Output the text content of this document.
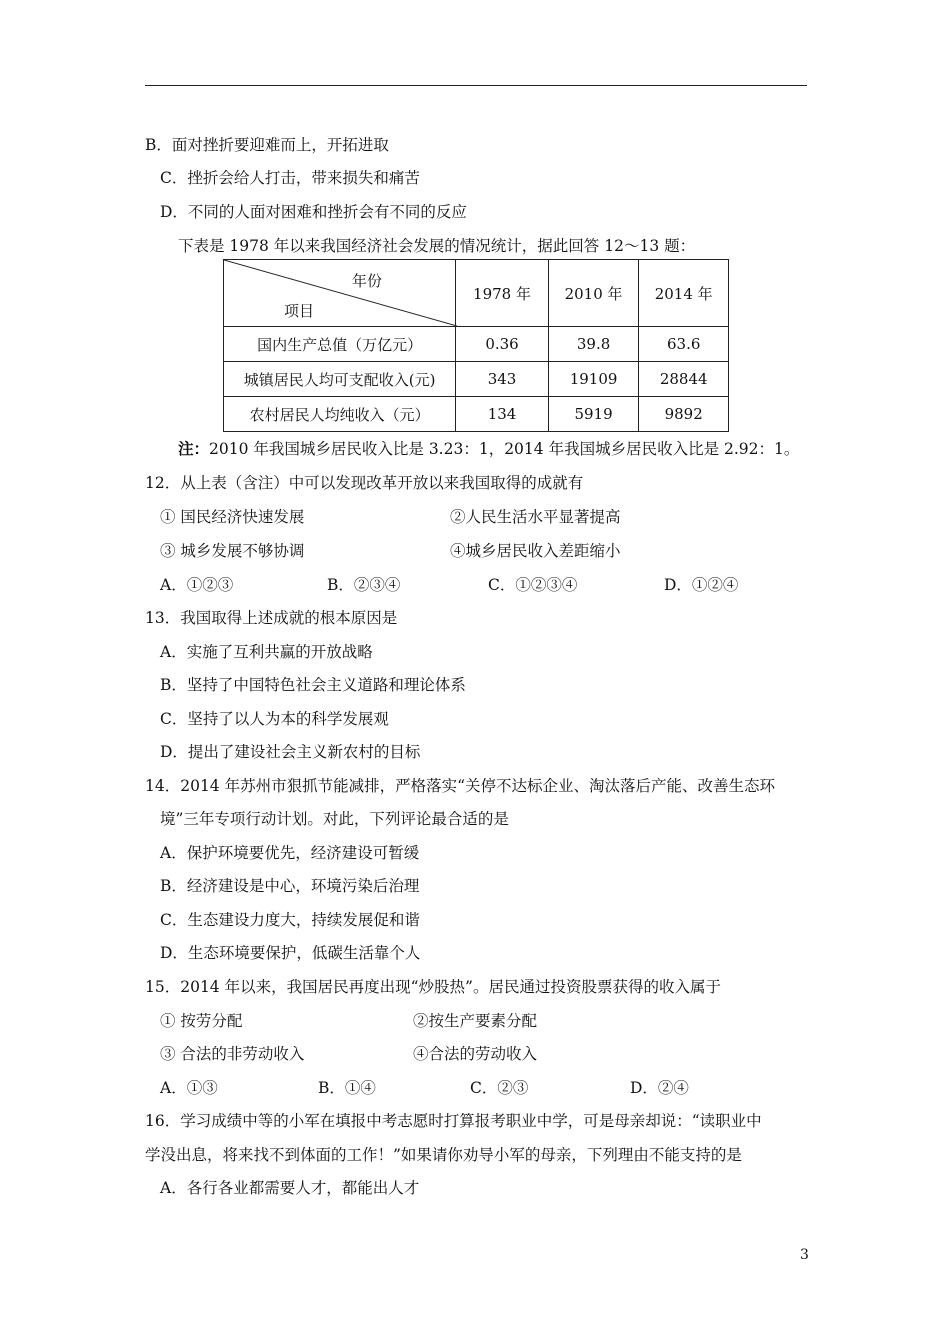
B．面对挫折要迎难而上，开拓进取
C．挫折会给人打击，带来损失和痛苦
D．不同的人面对困难和挫折会有不同的反应
下表是 1978 年以来我国经济社会发展的情况统计，据此回答 12～13 题：
年份
项目	1978 年	2010 年	2014 年
国内生产总值（万亿元）	0.36	39.8	63.6
城镇居民人均可支配收入(元)	343	19109	28844
农村居民人均纯收入（元）	134	5919	9892
注：2010 年我国城乡居民收入比是 3.23：1，2014 年我国城乡居民收入比是 2.92：1。
12．从上表（含注）中可以发现改革开放以来我国取得的成就有
① 国民经济快速发展	②人民生活水平显著提高
③ 城乡发展不够协调	④城乡居民收入差距缩小
A．①②③	B．②③④	C．①②③④	D．①②④
13．我国取得上述成就的根本原因是
A．实施了互利共赢的开放战略
B．坚持了中国特色社会主义道路和理论体系
C．坚持了以人为本的科学发展观
D．提出了建设社会主义新农村的目标
14．2014 年苏州市狠抓节能减排，严格落实“关停不达标企业、淘汰落后产能、改善生态环
境”三年专项行动计划。对此，下列评论最合适的是
A．保护环境要优先，经济建设可暂缓
B．经济建设是中心，环境污染后治理
C．生态建设力度大，持续发展促和谐
D．生态环境要保护，低碳生活靠个人
15．2014 年以来，我国居民再度出现“炒股热”。居民通过投资股票获得的收入属于
① 按劳分配	②按生产要素分配
③ 合法的非劳动收入	④合法的劳动收入
A．①③	B．①④	C．②③	D．②④
16．学习成绩中等的小军在填报中考志愿时打算报考职业中学，可是母亲却说：“读职业中
学没出息，将来找不到体面的工作！”如果请你劝导小军的母亲，下列理由不能支持的是
A．各行各业都需要人才，都能出人才
3
